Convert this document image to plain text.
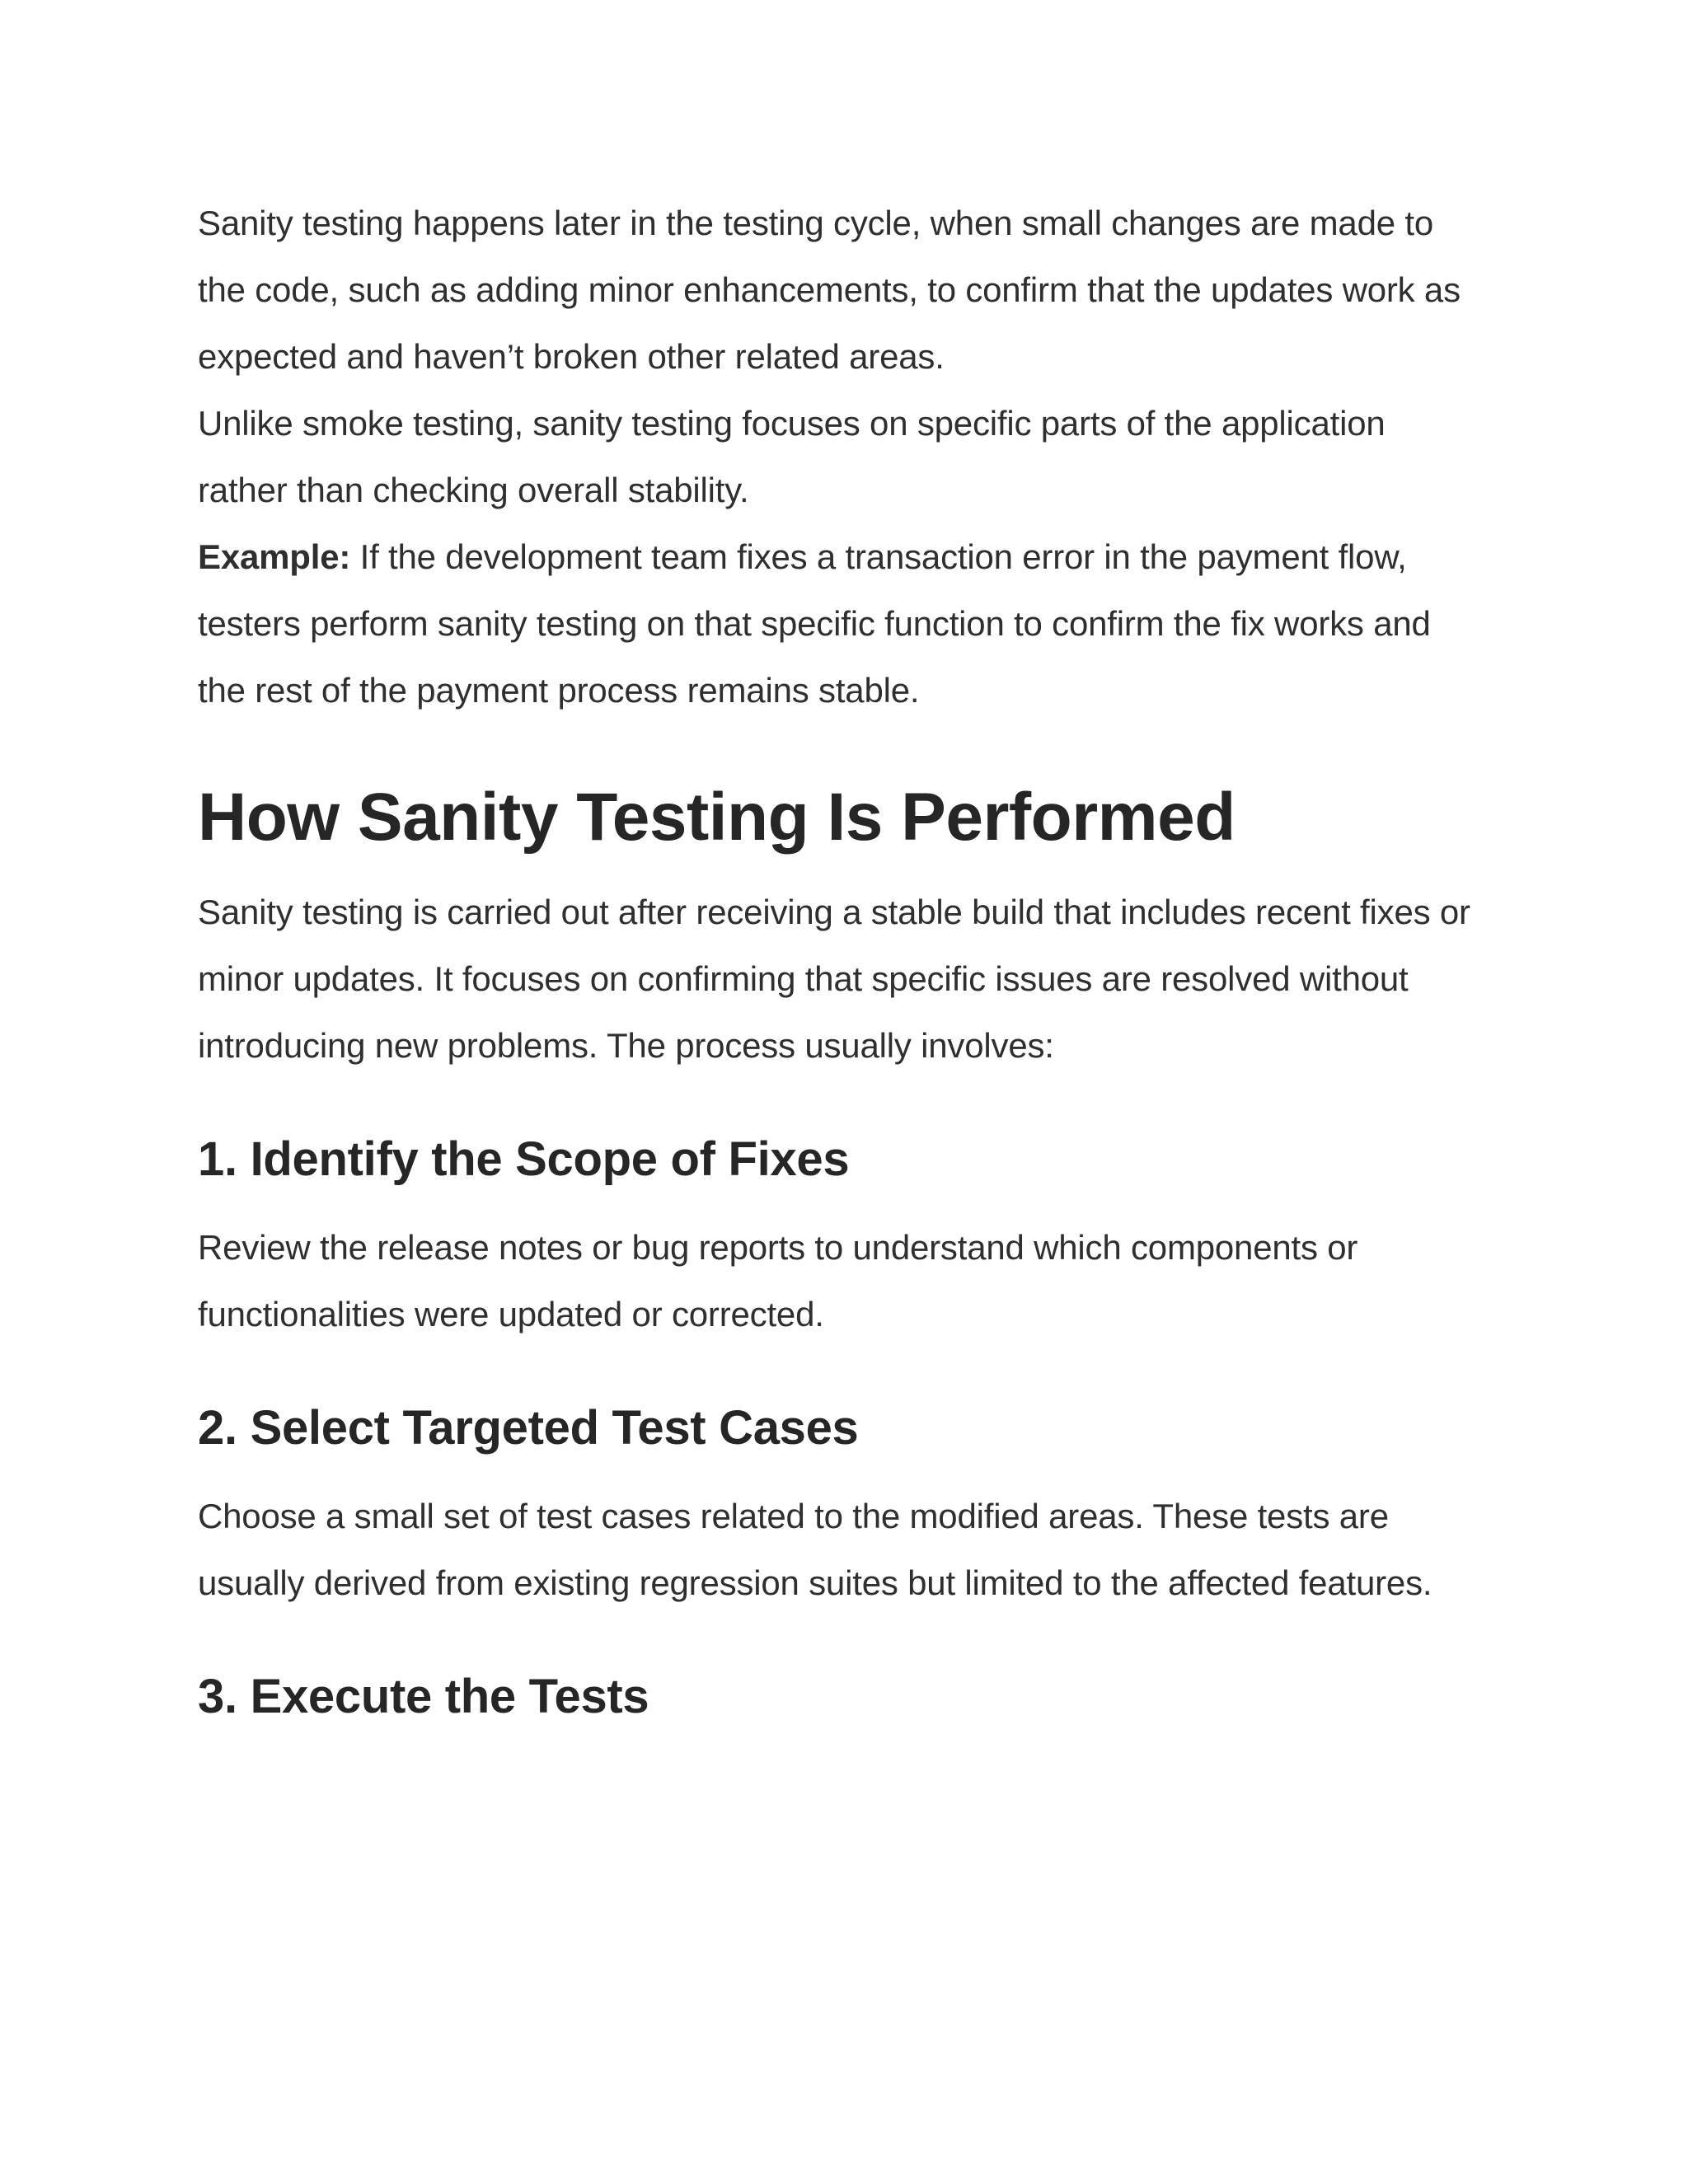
Sanity testing happens later in the testing cycle, when small changes are made to the code, such as adding minor enhancements, to confirm that the updates work as expected and haven’t broken other related areas.

Unlike smoke testing, sanity testing focuses on specific parts of the application rather than checking overall stability.

Example: If the development team fixes a transaction error in the payment flow, testers perform sanity testing on that specific function to confirm the fix works and the rest of the payment process remains stable.

How Sanity Testing Is Performed

Sanity testing is carried out after receiving a stable build that includes recent fixes or minor updates. It focuses on confirming that specific issues are resolved without introducing new problems. The process usually involves:

1. Identify the Scope of Fixes

Review the release notes or bug reports to understand which components or functionalities were updated or corrected.

2. Select Targeted Test Cases

Choose a small set of test cases related to the modified areas. These tests are usually derived from existing regression suites but limited to the affected features.

3. Execute the Tests
